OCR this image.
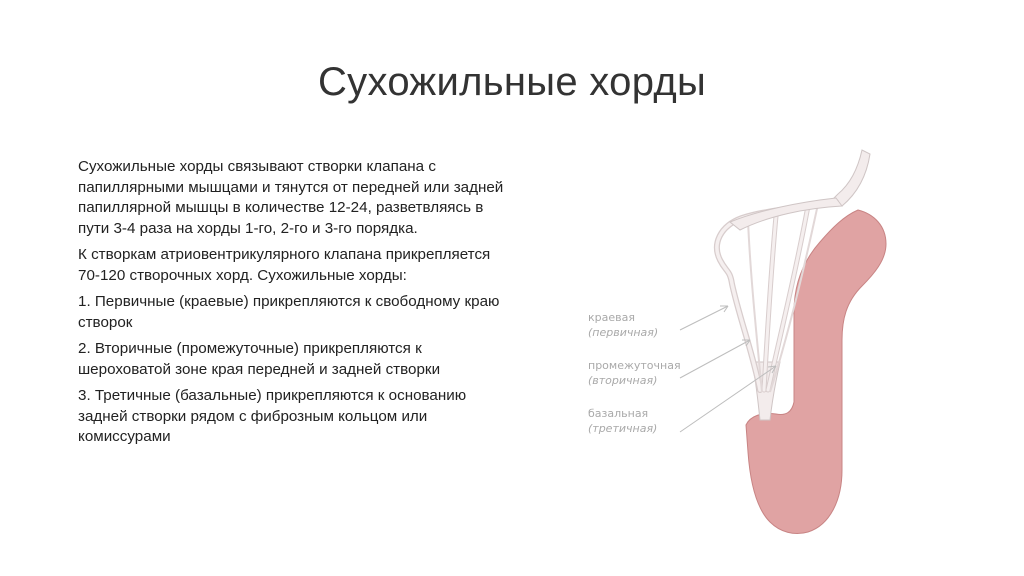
Сухожильные хорды

Сухожильные хорды связывают створки клапана с папиллярными мышцами и тянутся от передней или задней папиллярной мышцы в количестве 12-24, разветвляясь в пути 3-4 раза на хорды 1-го, 2-го и 3-го порядка.

К створкам атриовентрикулярного клапана прикрепляется 70-120 створочных хорд. Сухожильные хорды:

1. Первичные (краевые) прикрепляются к свободному краю створок

2. Вторичные (промежуточные) прикрепляются к шероховатой зоне края передней и задней створки

3. Третичные (базальные) прикрепляются к основанию задней створки рядом с фиброзным кольцом или комиссурами

краевая
(первичная)
промежуточная
(вторичная)
базальная
(третичная)
